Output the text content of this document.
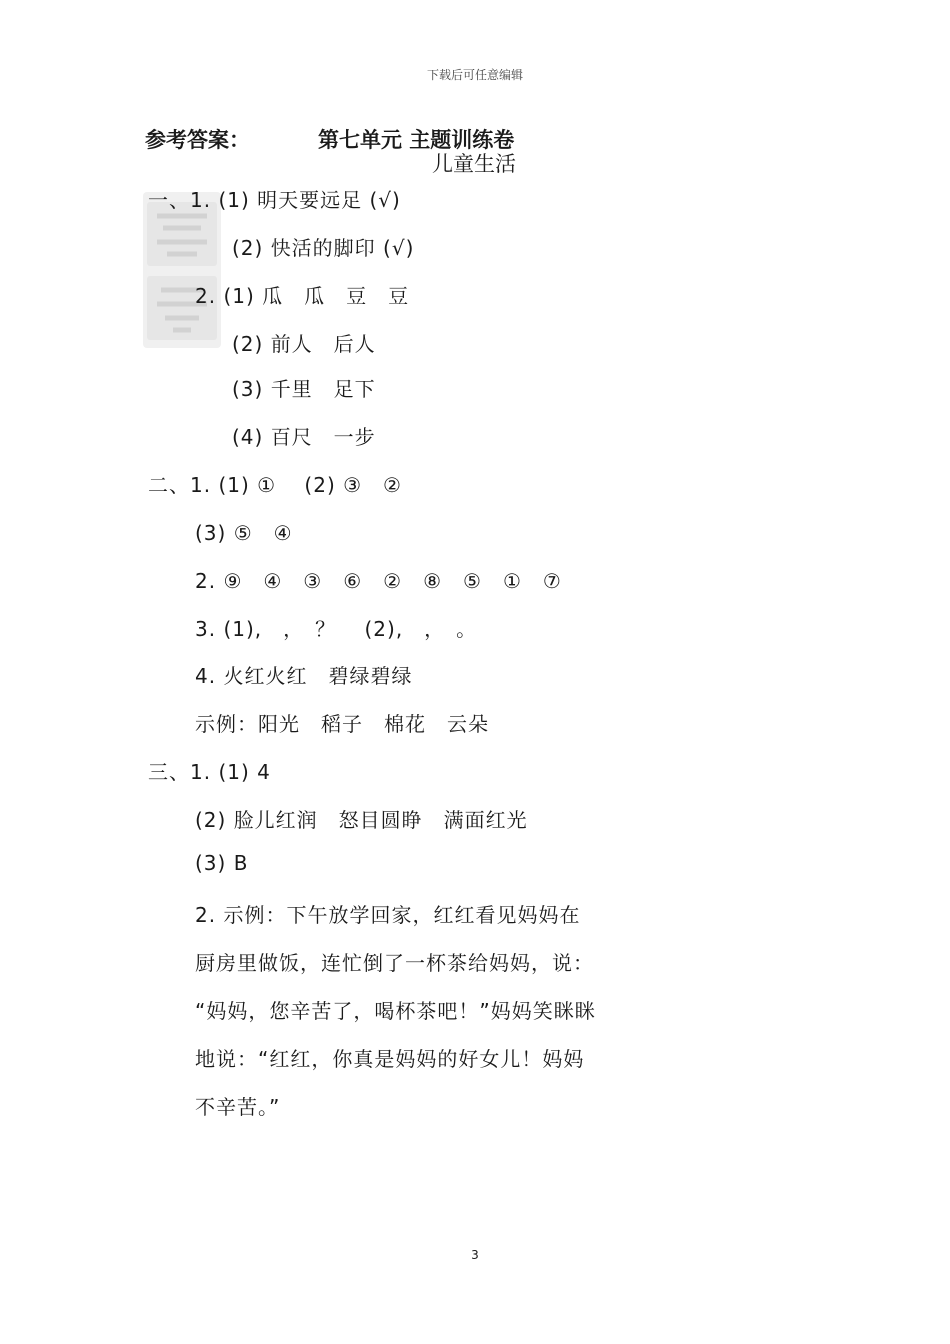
下载后可任意编辑
参考答案：	第七单元 主题训练卷
儿童生活
一、1. (1) 明天要远足 (√)
(2) 快活的脚印 (√)
2. (1) 瓜　瓜　豆　豆
(2) 前人　后人
(3) 千里　足下
(4) 百尺　一步
二、1. (1) ①　 (2) ③　②
(3) ⑤　④
2. ⑨　④　③　⑥　②　⑧　⑤　①　⑦
3. (1),　，　？　 (2),　，　。
4. 火红火红　碧绿碧绿
示例：阳光　稻子　棉花　云朵
三、1. (1) 4
(2) 脸儿红润　怒目圆睁　满面红光
(3) B
2. 示例：下午放学回家，红红看见妈妈在
厨房里做饭，连忙倒了一杯茶给妈妈，说：
“妈妈，您辛苦了，喝杯茶吧！”妈妈笑眯眯
地说：“红红，你真是妈妈的好女儿！妈妈
不辛苦。”
3
